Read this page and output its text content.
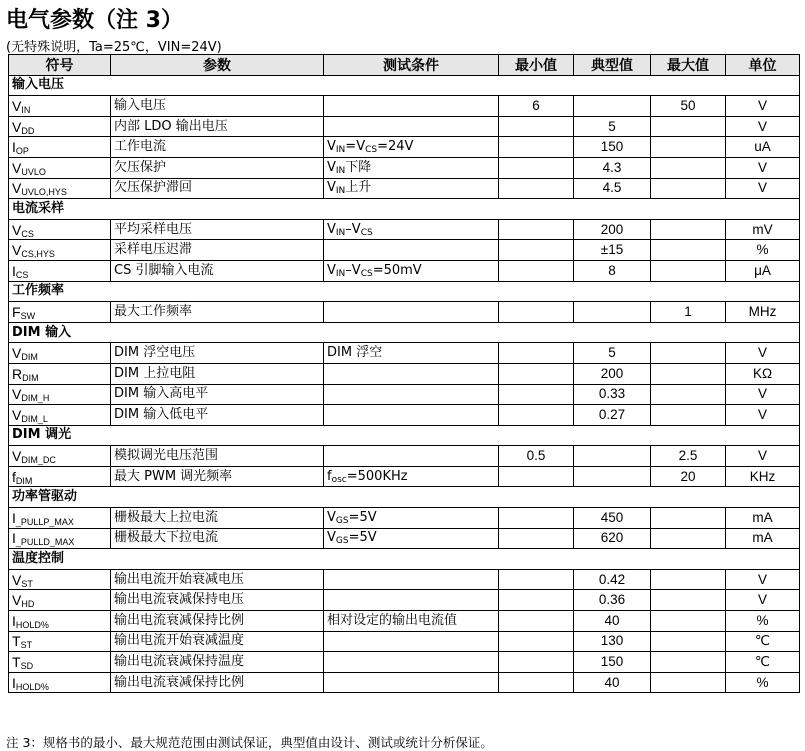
电气参数（注 3）
(无特殊说明，Ta=25℃，VIN=24V)
符号	参数	测试条件	最小值	典型值	最大值	单位
输入电压						
$V_{IN}$	输入电压		6		50	V
$V_{DD}$	内部 LDO 输出电压			5		V
$I_{OP}$	工作电流	$V_{IN}=V_{CS}=24V$		150		uA
$V_{UVLO}$	欠压保护	$V_{IN}$下降		4.3		V
$V_{UVLO,HYS}$	欠压保护滞回	$V_{IN}$上升		4.5		V
电流采样						
$V_{CS}$	平均采样电压	$V_{IN}-V_{CS}$		200		mV
$V_{CS,HYS}$	采样电压迟滞			±15		%
$I_{CS}$	CS 引脚输入电流	$V_{IN}-V_{CS}=50mV$		8		μA
工作频率						
$F_{SW}$	最大工作频率				1	MHz
DIM 输入						
$V_{DIM}$	DIM 浮空电压	DIM 浮空		5		V
$R_{DIM}$	DIM 上拉电阻			200		KΩ
$V_{DIM\_H}$	DIM 输入高电平			0.33		V
$V_{DIM\_L}$	DIM 输入低电平			0.27		V
DIM 调光						
$V_{DIM\_DC}$	模拟调光电压范围		0.5		2.5	V
$f_{DIM}$	最大 PWM 调光频率	$f_{osc}=500KHz$			20	KHz
功率管驱动						
$I_{\_PULLP\_MAX}$	栅极最大上拉电流	$V_{GS}=5V$		450		mA
$I_{\_PULLD\_MAX}$	栅极最大下拉电流	$V_{GS}=5V$		620		mA
温度控制						
$V_{ST}$	输出电流开始衰减电压			0.42		V
$V_{HD}$	输出电流衰减保持电压			0.36		V
$I_{HOLD\%}$	输出电流衰减保持比例	相对设定的输出电流值		40		%
$T_{ST}$	输出电流开始衰减温度			130		℃
$T_{SD}$	输出电流衰减保持温度			150		℃
$I_{HOLD\%}$	输出电流衰减保持比例			40		%
注 3：规格书的最小、最大规范范围由测试保证，典型值由设计、测试或统计分析保证。
